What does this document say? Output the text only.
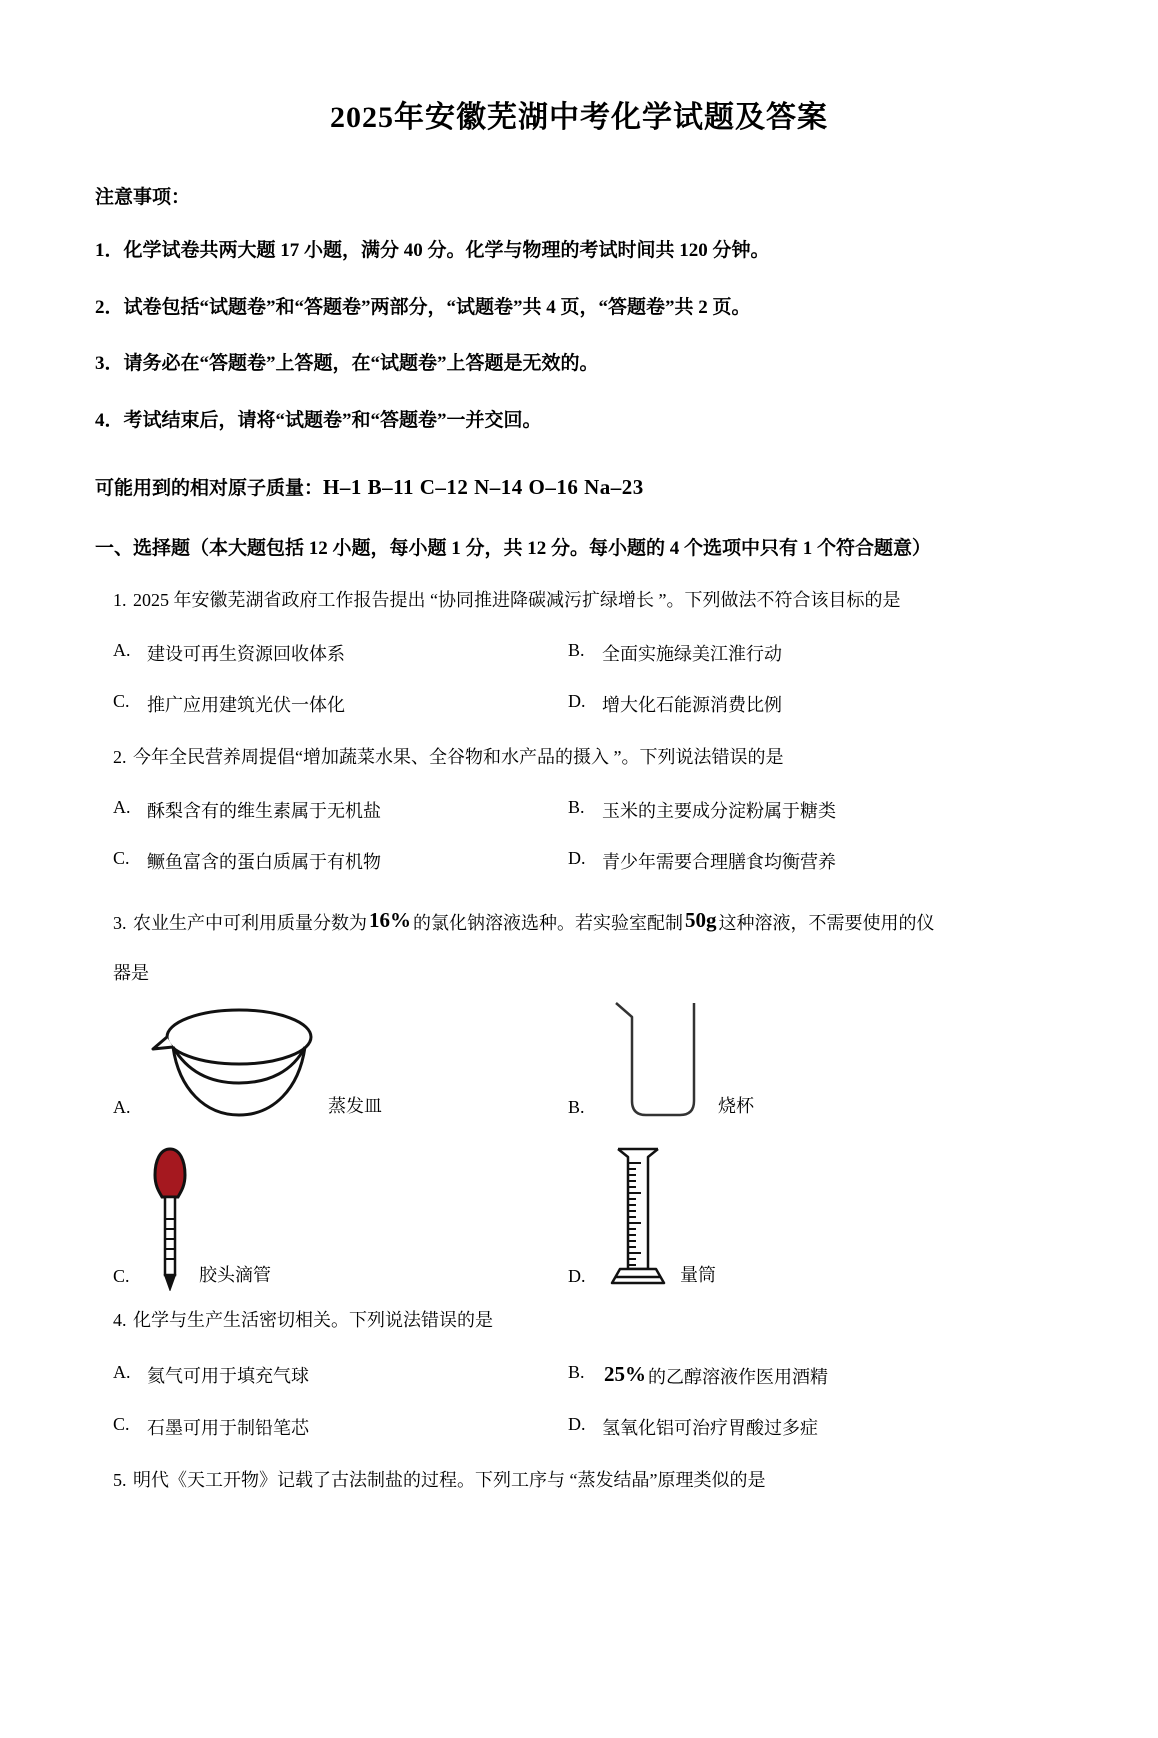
2025年安徽芜湖中考化学试题及答案
注意事项：
1．化学试卷共两大题 17 小题，满分 40 分。化学与物理的考试时间共 120 分钟。
2．试卷包括“试题卷”和“答题卷”两部分，“试题卷”共 4 页，“答题卷”共 2 页。
3．请务必在“答题卷”上答题，在“试题卷”上答题是无效的。
4．考试结束后，请将“试题卷”和“答题卷”一并交回。
可能用到的相对原子质量：H–1 B–11 C–12 N–14 O–16 Na–23
一、选择题（本大题包括 12 小题，每小题 1 分，共 12 分。每小题的 4 个选项中只有 1 个符合题意）
1. 2025 年安徽芜湖省政府工作报告提出 “协同推进降碳减污扩绿增长 ”。下列做法不符合该目标的是
A. 建设可再生资源回收体系	B. 全面实施绿美江淮行动
C. 推广应用建筑光伏一体化	D. 增大化石能源消费比例
2. 今年全民营养周提倡“增加蔬菜水果、全谷物和水产品的摄入 ”。下列说法错误的是
A. 酥梨含有的维生素属于无机盐	B. 玉米的主要成分淀粉属于糖类
C. 鳜鱼富含的蛋白质属于有机物	D. 青少年需要合理膳食均衡营养
3. 农业生产中可利用质量分数为16% 的氯化钠溶液选种。若实验室配制50g 这种溶液，不需要使用的仪
器是
A.	蒸发皿	B.	烧杯
C.	胶头滴管	D.	量筒
4. 化学与生产生活密切相关。下列说法错误的是
A. 氦气可用于填充气球	B. 25% 的乙醇溶液作医用酒精
C. 石墨可用于制铅笔芯	D. 氢氧化铝可治疗胃酸过多症
5. 明代《天工开物》记载了古法制盐的过程。下列工序与 “蒸发结晶”原理类似的是
